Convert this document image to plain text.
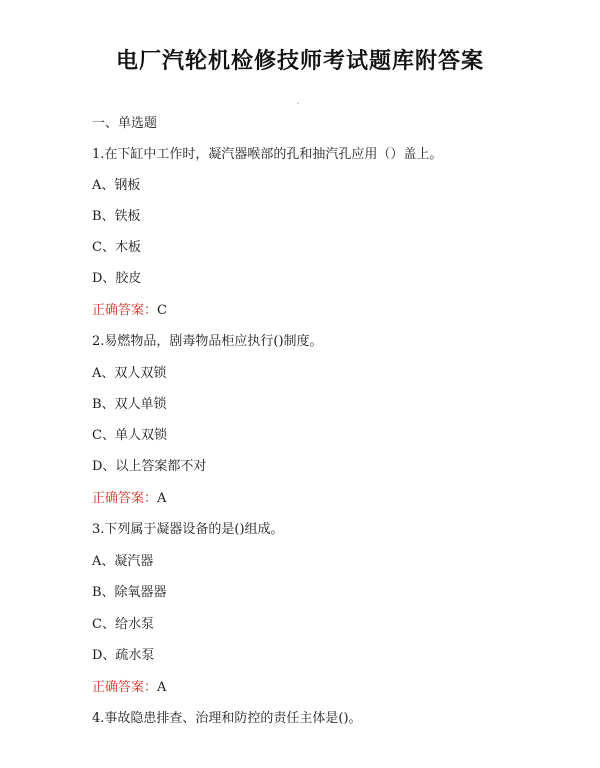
电厂汽轮机检修技师考试题库附答案

一、单选题

1.在下缸中工作时，凝汽器喉部的孔和抽汽孔应用（）盖上。

A、钢板

B、铁板

C、木板

D、胶皮

正确答案：C

2.易燃物品，剧毒物品柜应执行()制度。

A、双人双锁

B、双人单锁

C、单人双锁

D、以上答案都不对

正确答案：A

3.下列属于凝器设备的是()组成。

A、凝汽器

B、除氧器器

C、给水泵

D、疏水泵

正确答案：A

4.事故隐患排查、治理和防控的责任主体是()。
